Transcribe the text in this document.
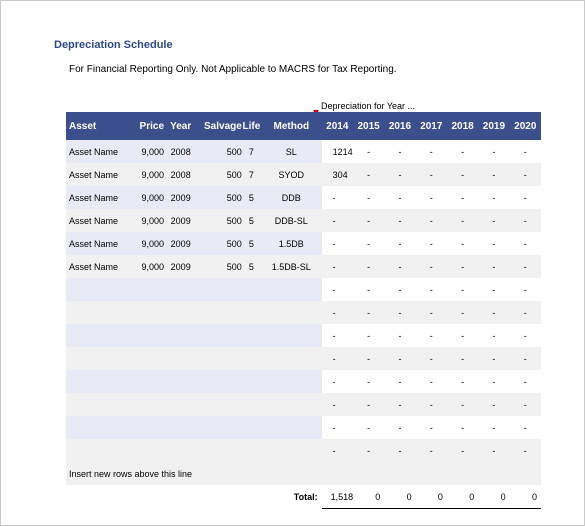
Depreciation Schedule
For Financial Reporting Only. Not Applicable to MACRS for Tax Reporting.
Depreciation for Year ...
Asset	Price	Year	Salvage	Life	Method	2014	2015	2016	2017	2018	2019	2020
Asset Name	9,000	2008	500	7	SL	1214	-	-	-	-	-	-
Asset Name	9,000	2008	500	7	SYOD	304	-	-	-	-	-	-
Asset Name	9,000	2009	500	5	DDB	-	-	-	-	-	-	-
Asset Name	9,000	2009	500	5	DDB-SL	-	-	-	-	-	-	-
Asset Name	9,000	2009	500	5	1.5DB	-	-	-	-	-	-	-
Asset Name	9,000	2009	500	5	1.5DB-SL	-	-	-	-	-	-	-
						-	-	-	-	-	-	-
						-	-	-	-	-	-	-
						-	-	-	-	-	-	-
						-	-	-	-	-	-	-
						-	-	-	-	-	-	-
						-	-	-	-	-	-	-
						-	-	-	-	-	-	-
						-	-	-	-	-	-	-
Insert new rows above this line												
Total:						1,518	0	0	0	0	0	0
